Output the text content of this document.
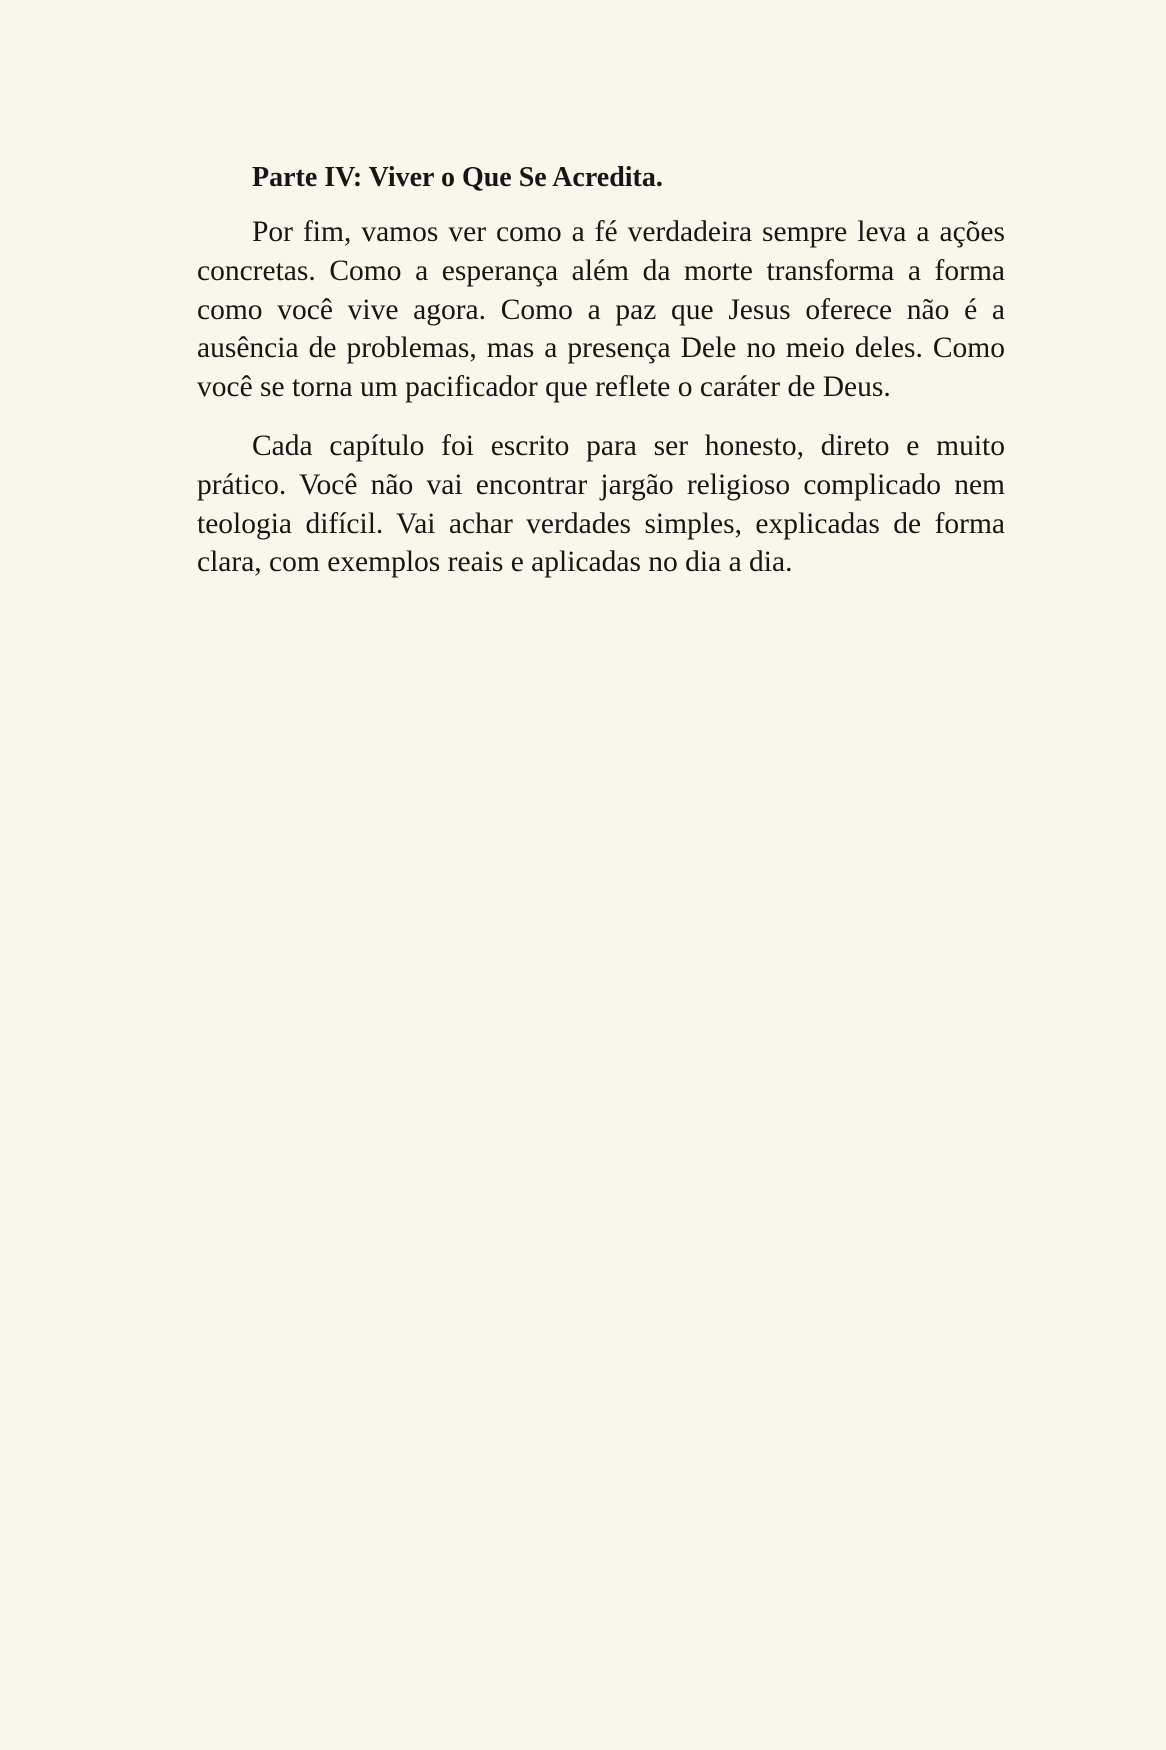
Parte IV: Viver o Que Se Acredita.

Por fim, vamos ver como a fé verdadeira sempre leva a ações concretas. Como a esperança além da morte transforma a forma como você vive agora. Como a paz que Jesus oferece não é a ausência de problemas, mas a presença Dele no meio deles. Como você se torna um pacificador que reflete o caráter de Deus.

Cada capítulo foi escrito para ser honesto, direto e muito prático. Você não vai encontrar jargão religioso complicado nem teologia difícil. Vai achar verdades simples, explicadas de forma clara, com exemplos reais e aplicadas no dia a dia.
